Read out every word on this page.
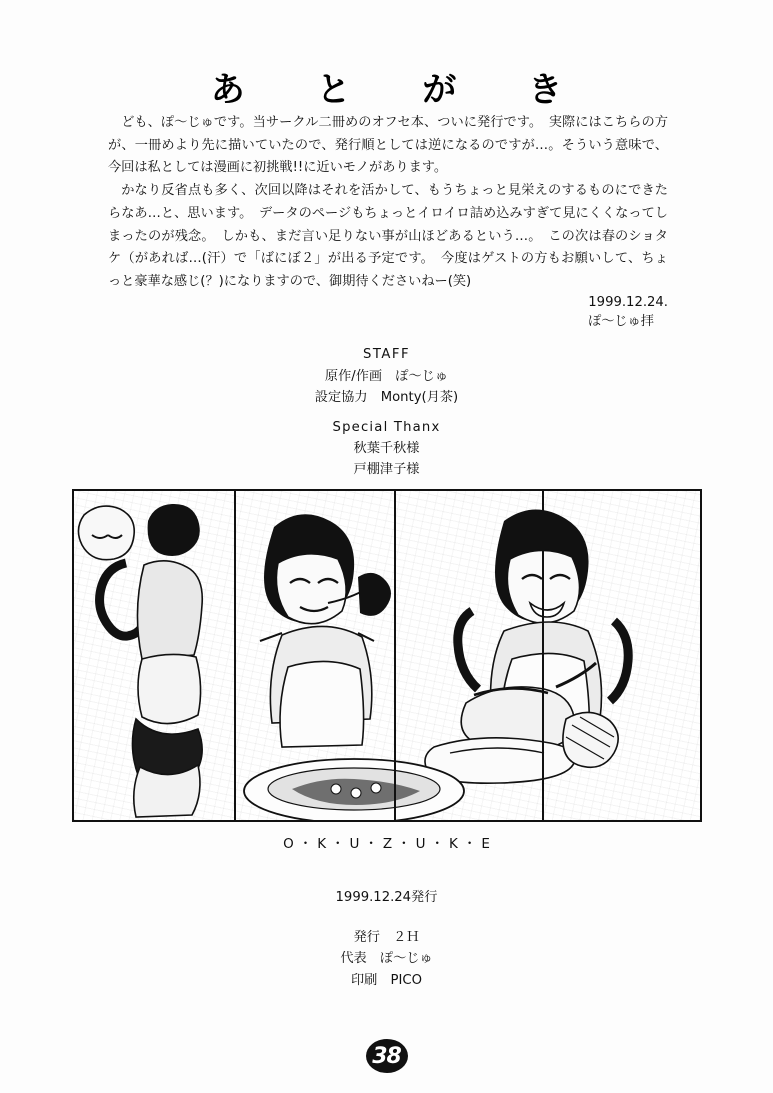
あ と が き

ども、ぽ〜じゅです。当サークル二冊めのオフセ本、ついに発行です。　実際にはこちらの方が、一冊めより先に描いていたので、発行順としては逆になるのですが…。そういう意味で、今回は私としては漫画に初挑戦!!に近いモノがあります。

かなり反省点も多く、次回以降はそれを活かして、もうちょっと見栄えのするものにできたらなあ…と、思います。　データのページもちょっとイロイロ詰め込みすぎて見にくくなってしまったのが残念。　しかも、まだ言い足りない事が山ほどあるという…。　この次は春のショタケ（があれば…(汗）で「ばにぼ２」が出る予定です。　今度はゲストの方もお願いして、ちょっと豪華な感じ(？)になりますので、御期待くださいねー(笑)

1999.12.24.
ぽ〜じゅ拝
STAFF
原作/作画　ぽ〜じゅ
設定協力　Monty(月茶)
Special Thanx
秋葉千秋様
戸棚津子様
O・K・U・Z・U・K・E
1999.12.24発行
発行　２Ｈ
代表　ぽ〜じゅ
印刷　PICO
38
